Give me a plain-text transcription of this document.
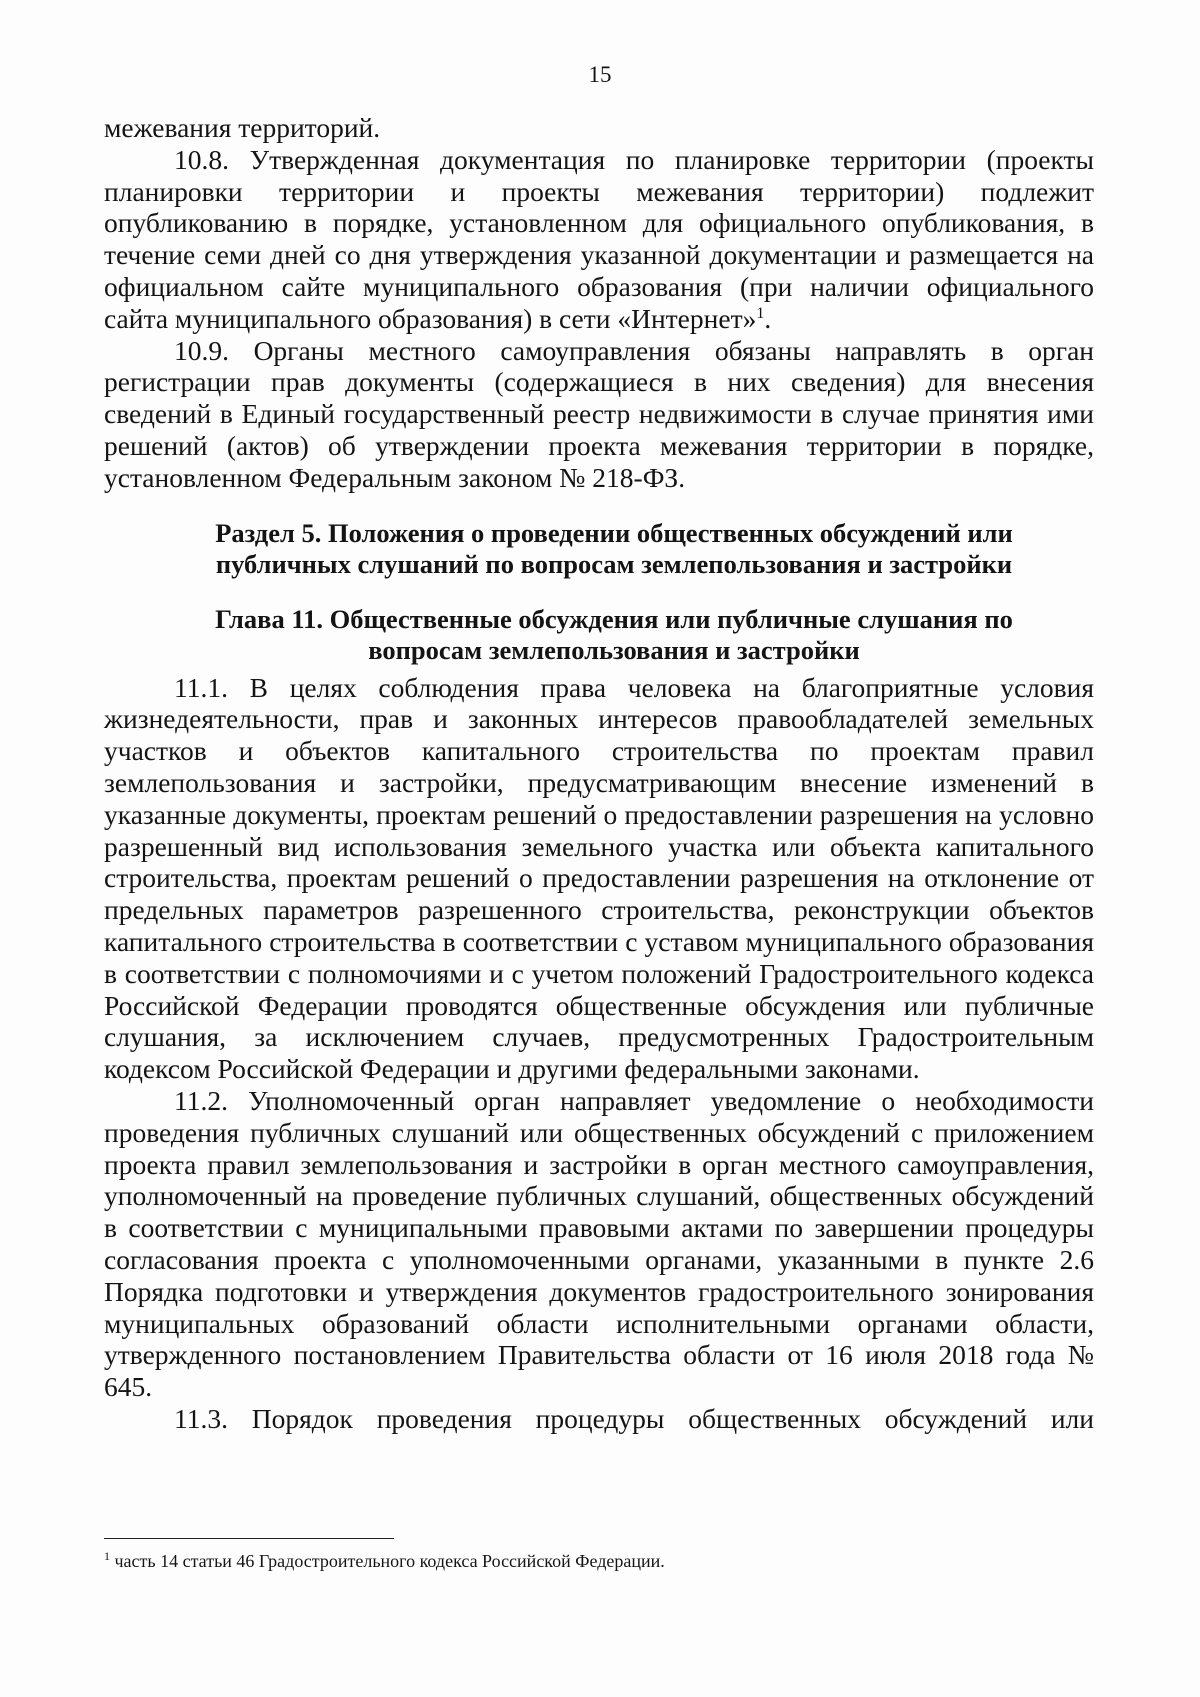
15

межевания территорий.

10.8. Утвержденная документация по планировке территории (проекты планировки территории и проекты межевания территории) подлежит опубликованию в порядке, установленном для официального опубликования, в течение семи дней со дня утверждения указанной документации и размещается на официальном сайте муниципального образования (при наличии официального сайта муниципального образования) в сети «Интернет»$^1$.

10.9. Органы местного самоуправления обязаны направлять в орган регистрации прав документы (содержащиеся в них сведения) для внесения сведений в Единый государственный реестр недвижимости в случае принятия ими решений (актов) об утверждении проекта межевания территории в порядке, установленном Федеральным законом № 218-ФЗ.

Раздел 5. Положения о проведении общественных обсуждений или
публичных слушаний по вопросам землепользования и застройки
Глава 11. Общественные обсуждения или публичные слушания по
вопросам землепользования и застройки

11.1. В целях соблюдения права человека на благоприятные условия жизнедеятельности, прав и законных интересов правообладателей земельных участков и объектов капитального строительства по проектам правил землепользования и застройки, предусматривающим внесение изменений в указанные документы, проектам решений о предоставлении разрешения на условно разрешенный вид использования земельного участка или объекта капитального строительства, проектам решений о предоставлении разрешения на отклонение от предельных параметров разрешенного строительства, реконструкции объектов капитального строительства в соответствии с уставом муниципального образования в соответствии с полномочиями и с учетом положений Градостроительного кодекса Российской Федерации проводятся общественные обсуждения или публичные слушания, за исключением случаев, предусмотренных Градостроительным кодексом Российской Федерации и другими федеральными законами.

11.2. Уполномоченный орган направляет уведомление о необходимости проведения публичных слушаний или общественных обсуждений с приложением проекта правил землепользования и застройки в орган местного самоуправления, уполномоченный на проведение публичных слушаний, общественных обсуждений в соответствии с муниципальными правовыми актами по завершении процедуры согласования проекта с уполномоченными органами, указанными в пункте 2.6 Порядка подготовки и утверждения документов градостроительного зонирования муниципальных образований области исполнительными органами области, утвержденного постановлением Правительства области от 16 июля 2018 года № 645.

11.3. Порядок проведения процедуры общественных обсуждений или

$^1$ часть 14 статьи 46 Градостроительного кодекса Российской Федерации.
